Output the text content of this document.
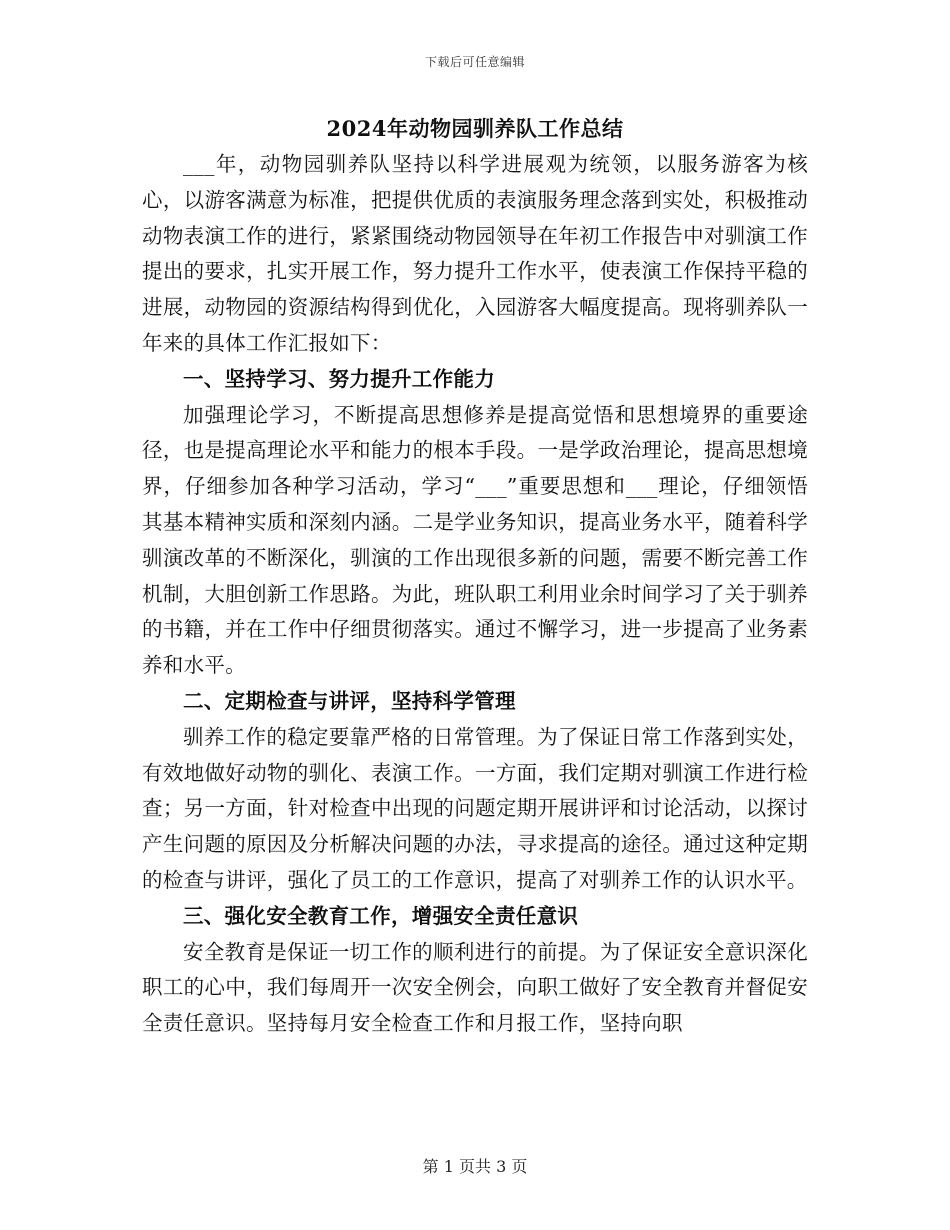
下载后可任意编辑
2024年动物园驯养队工作总结

___年，动物园驯养队坚持以科学进展观为统领，以服务游客为核心，以游客满意为标准，把提供优质的表演服务理念落到实处，积极推动动物表演工作的进行，紧紧围绕动物园领导在年初工作报告中对驯演工作提出的要求，扎实开展工作，努力提升工作水平，使表演工作保持平稳的进展，动物园的资源结构得到优化，入园游客大幅度提高。现将驯养队一年来的具体工作汇报如下：

一、坚持学习、努力提升工作能力

加强理论学习，不断提高思想修养是提高觉悟和思想境界的重要途径，也是提高理论水平和能力的根本手段。一是学政治理论，提高思想境界，仔细参加各种学习活动，学习“___”重要思想和___理论，仔细领悟其基本精神实质和深刻内涵。二是学业务知识，提高业务水平，随着科学驯演改革的不断深化，驯演的工作出现很多新的问题，需要不断完善工作机制，大胆创新工作思路。为此，班队职工利用业余时间学习了关于驯养的书籍，并在工作中仔细贯彻落实。通过不懈学习，进一步提高了业务素养和水平。

二、定期检查与讲评，坚持科学管理

驯养工作的稳定要靠严格的日常管理。为了保证日常工作落到实处，有效地做好动物的驯化、表演工作。一方面，我们定期对驯演工作进行检查；另一方面，针对检查中出现的问题定期开展讲评和讨论活动，以探讨产生问题的原因及分析解决问题的办法，寻求提高的途径。通过这种定期的检查与讲评，强化了员工的工作意识，提高了对驯养工作的认识水平。

三、强化安全教育工作，增强安全责任意识

安全教育是保证一切工作的顺利进行的前提。为了保证安全意识深化职工的心中，我们每周开一次安全例会，向职工做好了安全教育并督促安全责任意识。坚持每月安全检查工作和月报工作，坚持向职

第 1 页共 3 页
